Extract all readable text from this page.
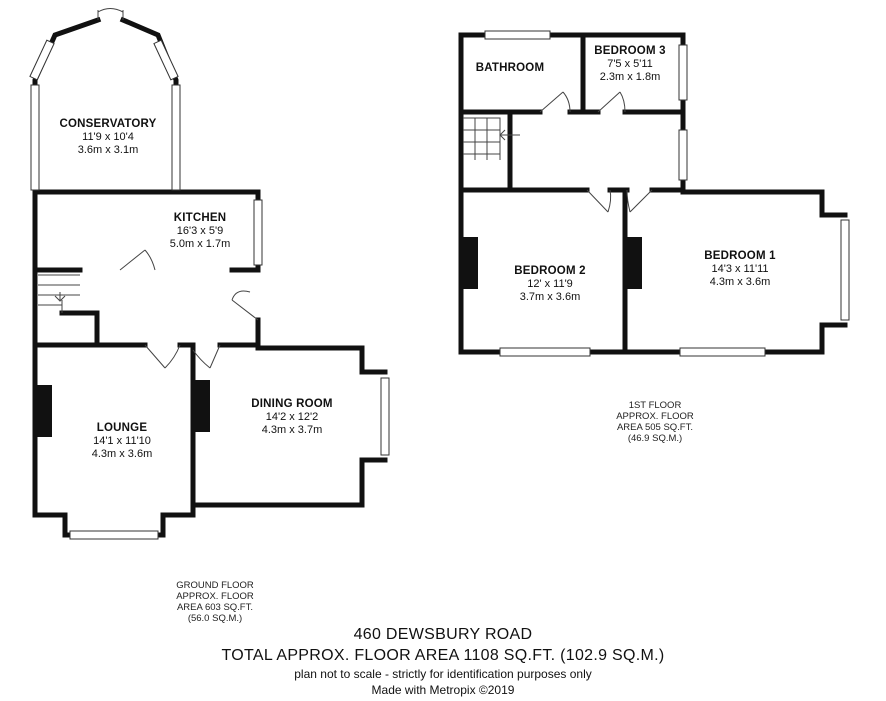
CONSERVATORY
11'9 x 10'4
3.6m x 3.1m
KITCHEN
16'3 x 5'9
5.0m x 1.7m
LOUNGE
14'1 x 11'10
4.3m x 3.6m
DINING ROOM
14'2 x 12'2
4.3m x 3.7m
BATHROOM
BEDROOM 3
7'5 x 5'11
2.3m x 1.8m
BEDROOM 2
12' x 11'9
3.7m x 3.6m
BEDROOM 1
14'3 x 11'11
4.3m x 3.6m
GROUND FLOOR
APPROX. FLOOR
AREA 603 SQ.FT.
(56.0 SQ.M.)
1ST FLOOR
APPROX. FLOOR
AREA 505 SQ.FT.
(46.9 SQ.M.)
460 DEWSBURY ROAD
TOTAL APPROX. FLOOR AREA 1108 SQ.FT. (102.9 SQ.M.)
plan not to scale - strictly for identification purposes only
Made with Metropix ©2019
